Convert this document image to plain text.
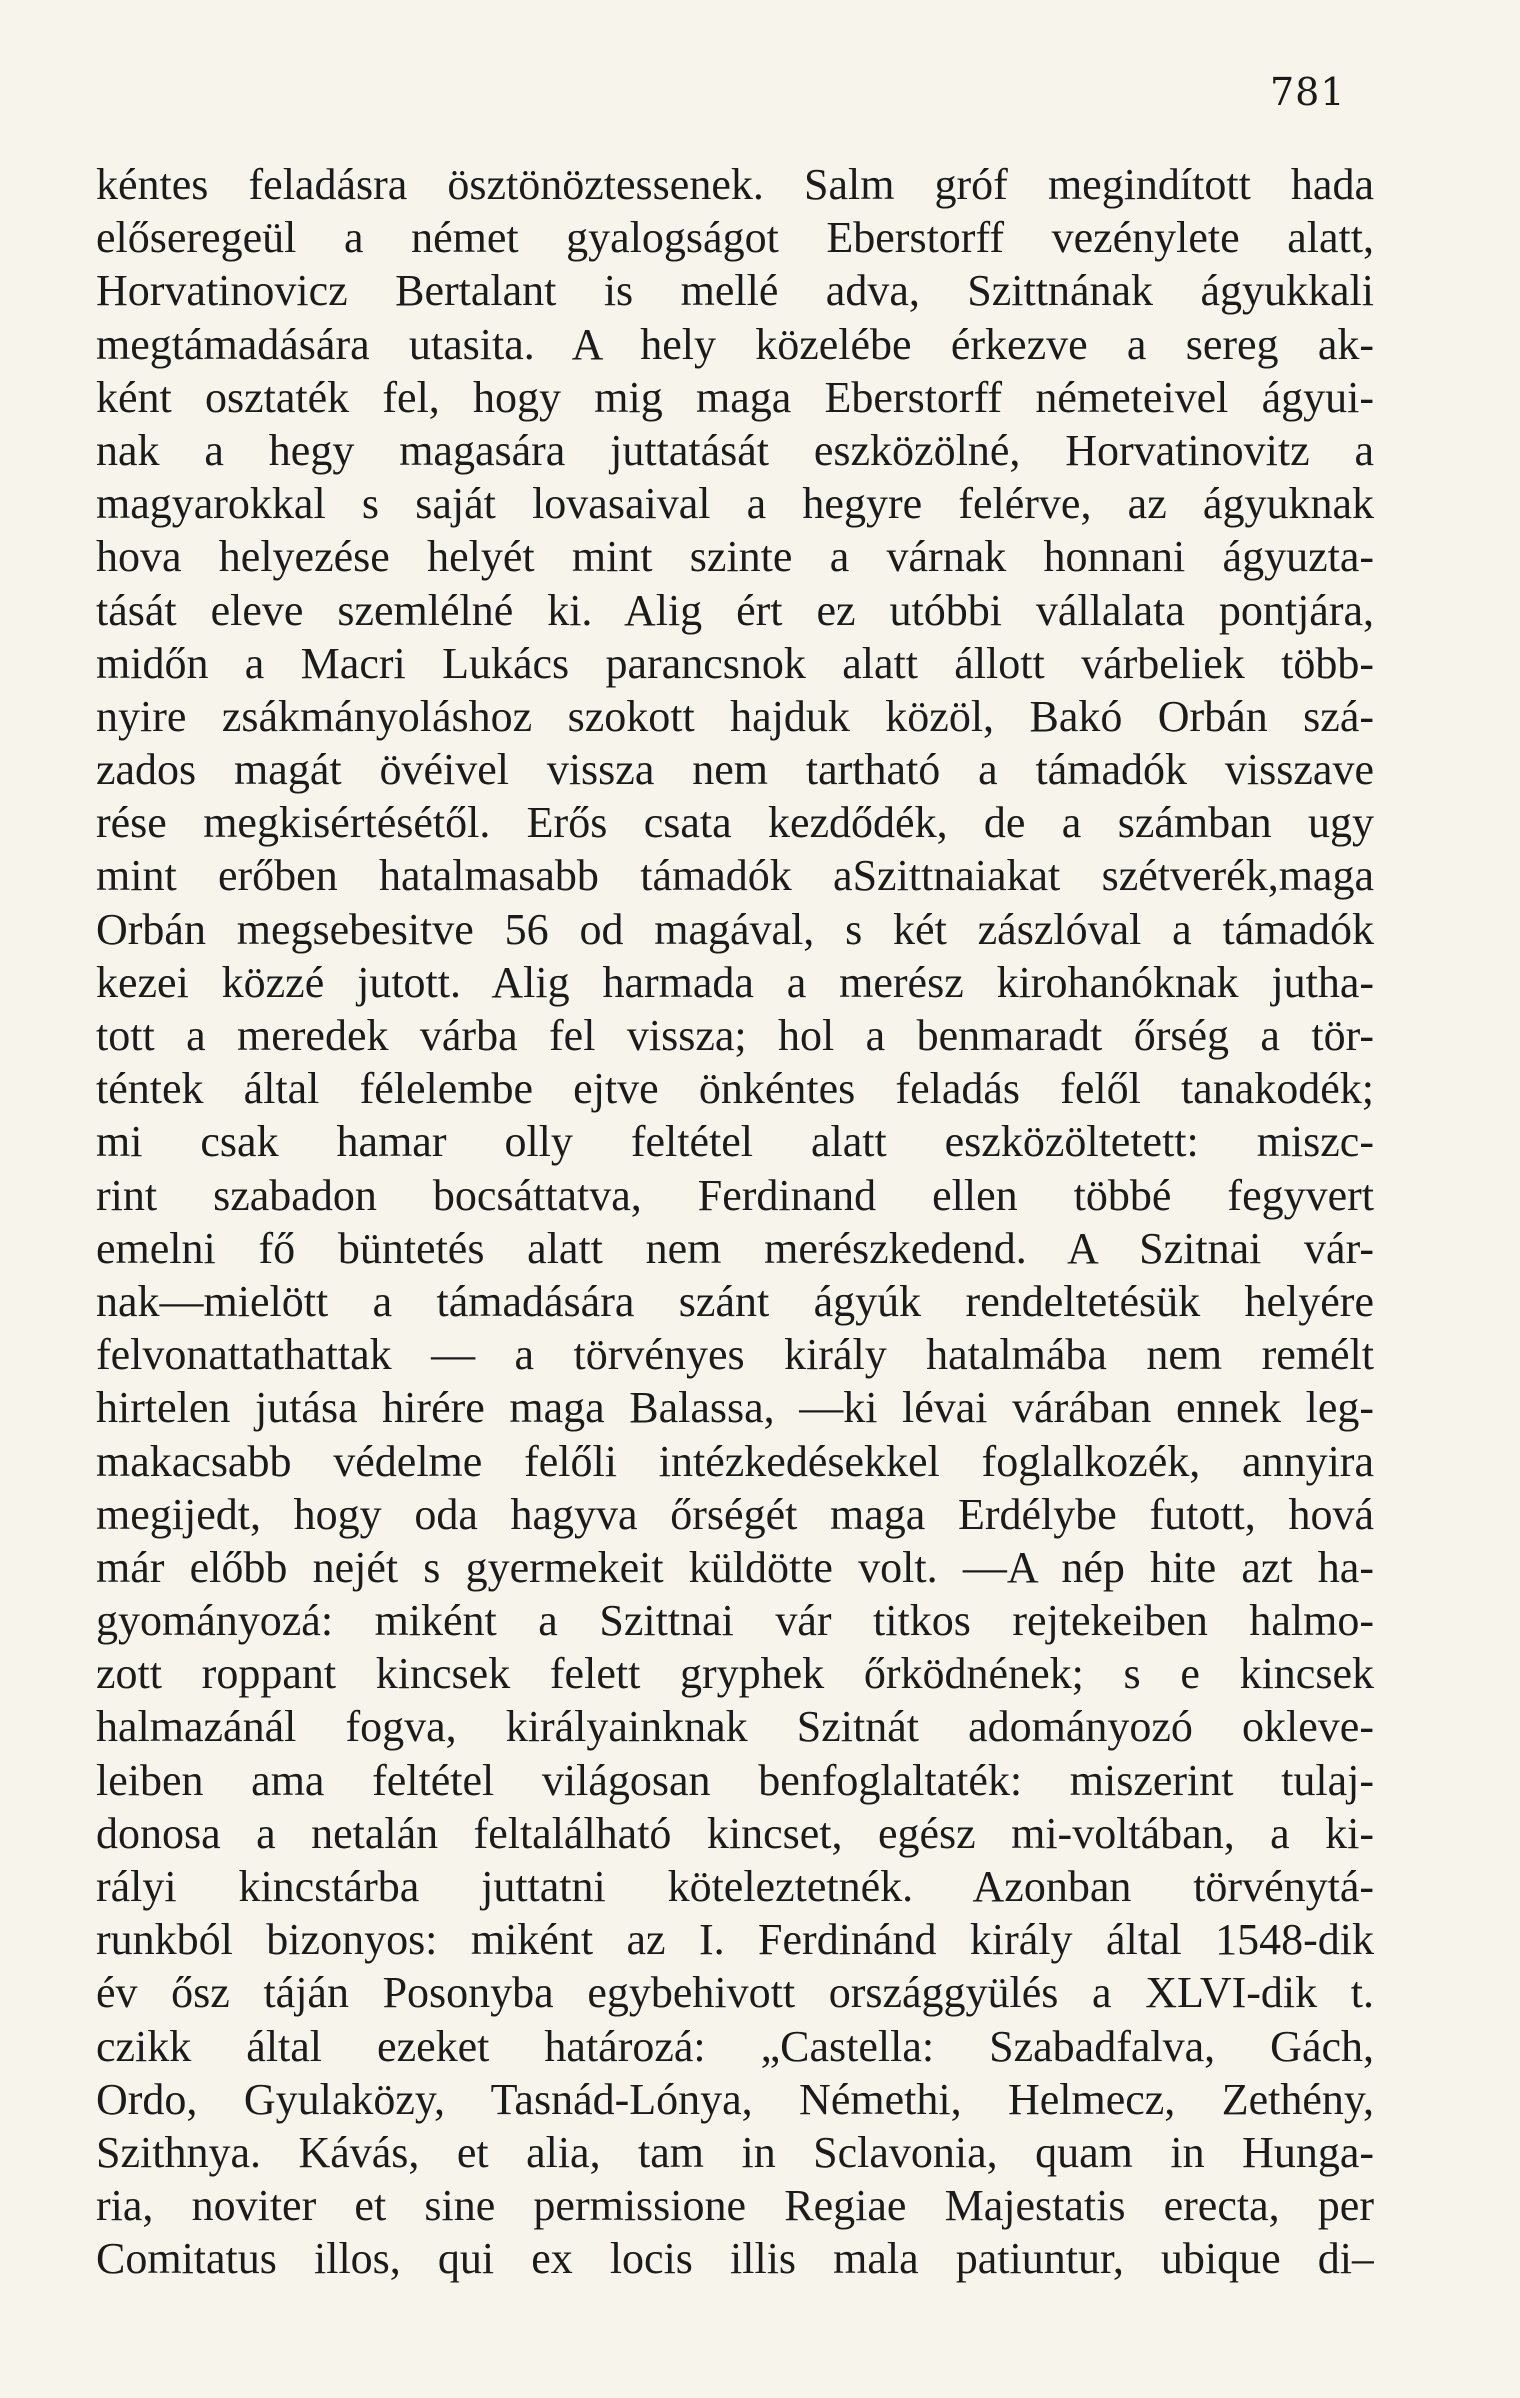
781
kéntes feladásra ösztönöztessenek. Salm gróf megindított hada
előseregeül a német gyalogságot Eberstorff vezénylete alatt,
Horvatinovicz Bertalant is mellé adva, Szittnának ágyukkali
megtámadására utasita. A hely közelébe érkezve a sereg ak-
ként osztaték fel, hogy mig maga Eberstorff németeivel ágyui-
nak a hegy magasára juttatását eszközölné, Horvatinovitz a
magyarokkal s saját lovasaival a hegyre felérve, az ágyuknak
hova helyezése helyét mint szinte a várnak honnani ágyuzta-
tását eleve szemlélné ki. Alig ért ez utóbbi vállalata pontjára,
midőn a Macri Lukács parancsnok alatt állott várbeliek több-
nyire zsákmányoláshoz szokott hajduk közöl, Bakó Orbán szá-
zados magát övéivel vissza nem tartható a támadók visszave
rése megkisértésétől. Erős csata kezdődék, de a számban ugy
mint erőben hatalmasabb támadók aSzittnaiakat szétverék,maga
Orbán megsebesitve 56 od magával, s két zászlóval a támadók
kezei közzé jutott. Alig harmada a merész kirohanóknak jutha-
tott a meredek várba fel vissza; hol a benmaradt őrség a tör-
téntek által félelembe ejtve önkéntes feladás felől tanakodék;
mi csak hamar olly feltétel alatt eszközöltetett: miszc-
rint szabadon bocsáttatva, Ferdinand ellen többé fegyvert
emelni fő büntetés alatt nem merészkedend. A Szitnai vár-
nak—mielött a támadására szánt ágyúk rendeltetésük helyére
felvonattathattak — a törvényes király hatalmába nem remélt
hirtelen jutása hirére maga Balassa, —ki lévai várában ennek leg-
makacsabb védelme felőli intézkedésekkel foglalkozék, annyira
megijedt, hogy oda hagyva őrségét maga Erdélybe futott, hová
már előbb nejét s gyermekeit küldötte volt. —A nép hite azt ha-
gyományozá: miként a Szittnai vár titkos rejtekeiben halmo-
zott roppant kincsek felett gryphek őrködnének; s e kincsek
halmazánál fogva, királyainknak Szitnát adományozó okleve-
leiben ama feltétel világosan benfoglaltaték: miszerint tulaj-
donosa a netalán feltalálható kincset, egész mi-voltában, a ki-
rályi kincstárba juttatni köteleztetnék. Azonban törvénytá-
runkból bizonyos: miként az I. Ferdinánd király által 1548-dik
év ősz táján Posonyba egybehivott országgyülés a XLVI-dik t.
czikk által ezeket határozá: „Castella: Szabadfalva, Gách,
Ordo, Gyulaközy, Tasnád-Lónya, Némethi, Helmecz, Zethény,
Szithnya. Kávás, et alia, tam in Sclavonia, quam in Hunga-
ria, noviter et sine permissione Regiae Majestatis erecta, per
Comitatus illos, qui ex locis illis mala patiuntur, ubique di–
